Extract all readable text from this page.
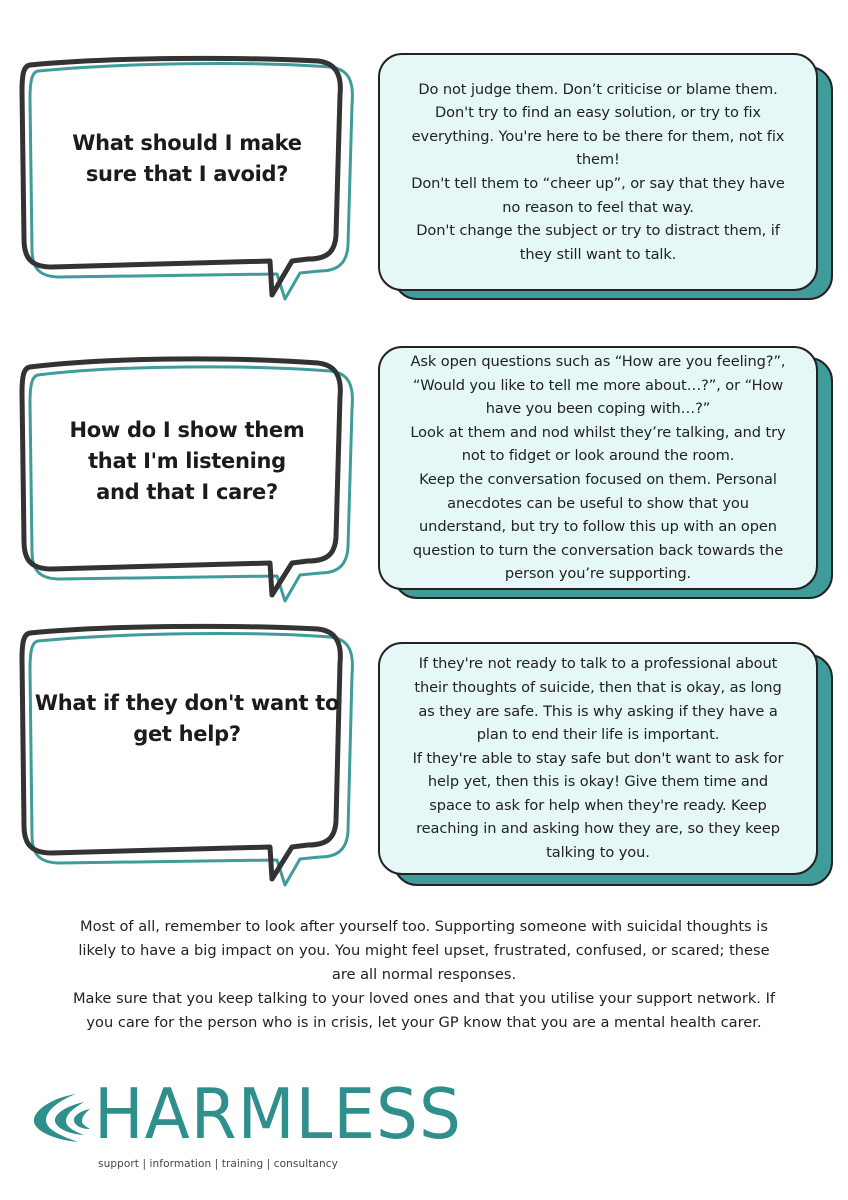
What should I make
sure that I avoid?
Do not judge them. Don’t criticise or blame them.
Don't try to find an easy solution, or try to fix
everything. You're here to be there for them, not fix
them!
Don't tell them to “cheer up”, or say that they have
no reason to feel that way.
Don't change the subject or try to distract them, if
they still want to talk.
How do I show them
that I'm listening
and that I care?
Ask open questions such as “How are you feeling?”,
“Would you like to tell me more about…?”, or “How
have you been coping with…?”
Look at them and nod whilst they’re talking, and try
not to fidget or look around the room.
Keep the conversation focused on them. Personal
anecdotes can be useful to show that you
understand, but try to follow this up with an open
question to turn the conversation back towards the
person you’re supporting.
What if they don't want to
get help?
If they're not ready to talk to a professional about
their thoughts of suicide, then that is okay, as long
as they are safe. This is why asking if they have a
plan to end their life is important.
If they're able to stay safe but don't want to ask for
help yet, then this is okay! Give them time and
space to ask for help when they're ready. Keep
reaching in and asking how they are, so they keep
talking to you.
Most of all, remember to look after yourself too. Supporting someone with suicidal thoughts is
likely to have a big impact on you. You might feel upset, frustrated, confused, or scared; these
are all normal responses.
Make sure that you keep talking to your loved ones and that you utilise your support network. If
you care for the person who is in crisis, let your GP know that you are a mental health carer.
HARMLESS
support | information | training | consultancy
